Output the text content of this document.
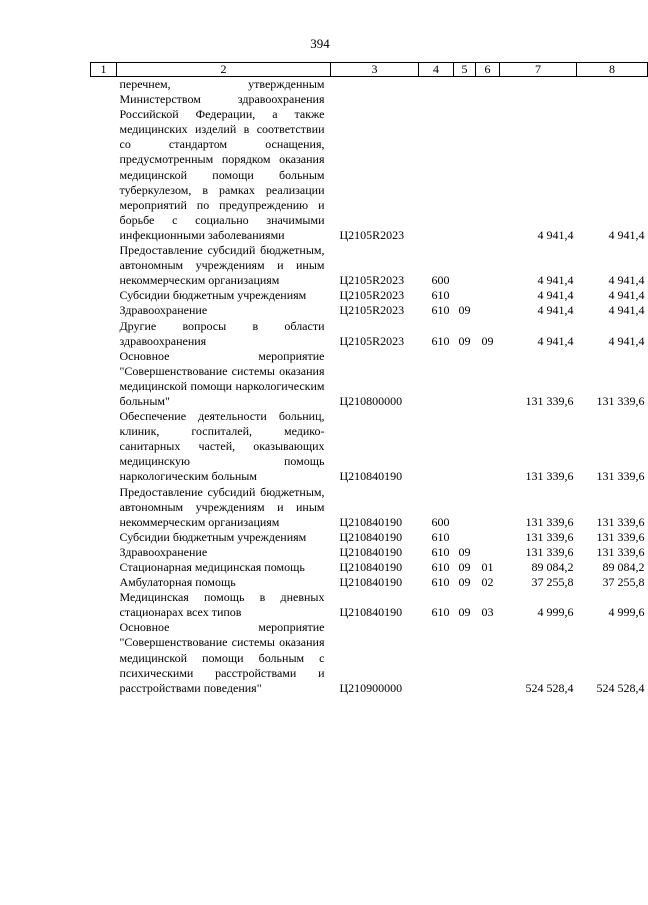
394
1	2	3	4	5	6	7	8
	перечнем, утвержденным Министерством здравоохранения Российской Федерации, а также медицинских изделий в соответствии со стандартом оснащения, предусмотренным порядком оказания медицинской помощи больным туберкулезом, в рамках реализации мероприятий по предупреждению и борьбе с социально значимыми инфекционными заболеваниями	Ц2105R2023				4 941,4	4 941,4
	Предоставление субсидий бюджетным, автономным учреждениям и иным некоммерческим организациям	Ц2105R2023	600			4 941,4	4 941,4
	Субсидии бюджетным учреждениям	Ц2105R2023	610			4 941,4	4 941,4
	Здравоохранение	Ц2105R2023	610	09		4 941,4	4 941,4
	Другие вопросы в области здравоохранения	Ц2105R2023	610	09	09	4 941,4	4 941,4
	Основное мероприятие "Совершенствование системы оказания медицинской помощи наркологическим больным"	Ц210800000				131 339,6	131 339,6
	Обеспечение деятельности больниц, клиник, госпиталей, медико-санитарных частей, оказывающих медицинскую помощь наркологическим больным	Ц210840190				131 339,6	131 339,6
	Предоставление субсидий бюджетным, автономным учреждениям и иным некоммерческим организациям	Ц210840190	600			131 339,6	131 339,6
	Субсидии бюджетным учреждениям	Ц210840190	610			131 339,6	131 339,6
	Здравоохранение	Ц210840190	610	09		131 339,6	131 339,6
	Стационарная медицинская помощь	Ц210840190	610	09	01	89 084,2	89 084,2
	Амбулаторная помощь	Ц210840190	610	09	02	37 255,8	37 255,8
	Медицинская помощь в дневных стационарах всех типов	Ц210840190	610	09	03	4 999,6	4 999,6
	Основное мероприятие "Совершенствование системы оказания медицинской помощи больным с психическими расстройствами и расстройствами поведения"	Ц210900000				524 528,4	524 528,4
